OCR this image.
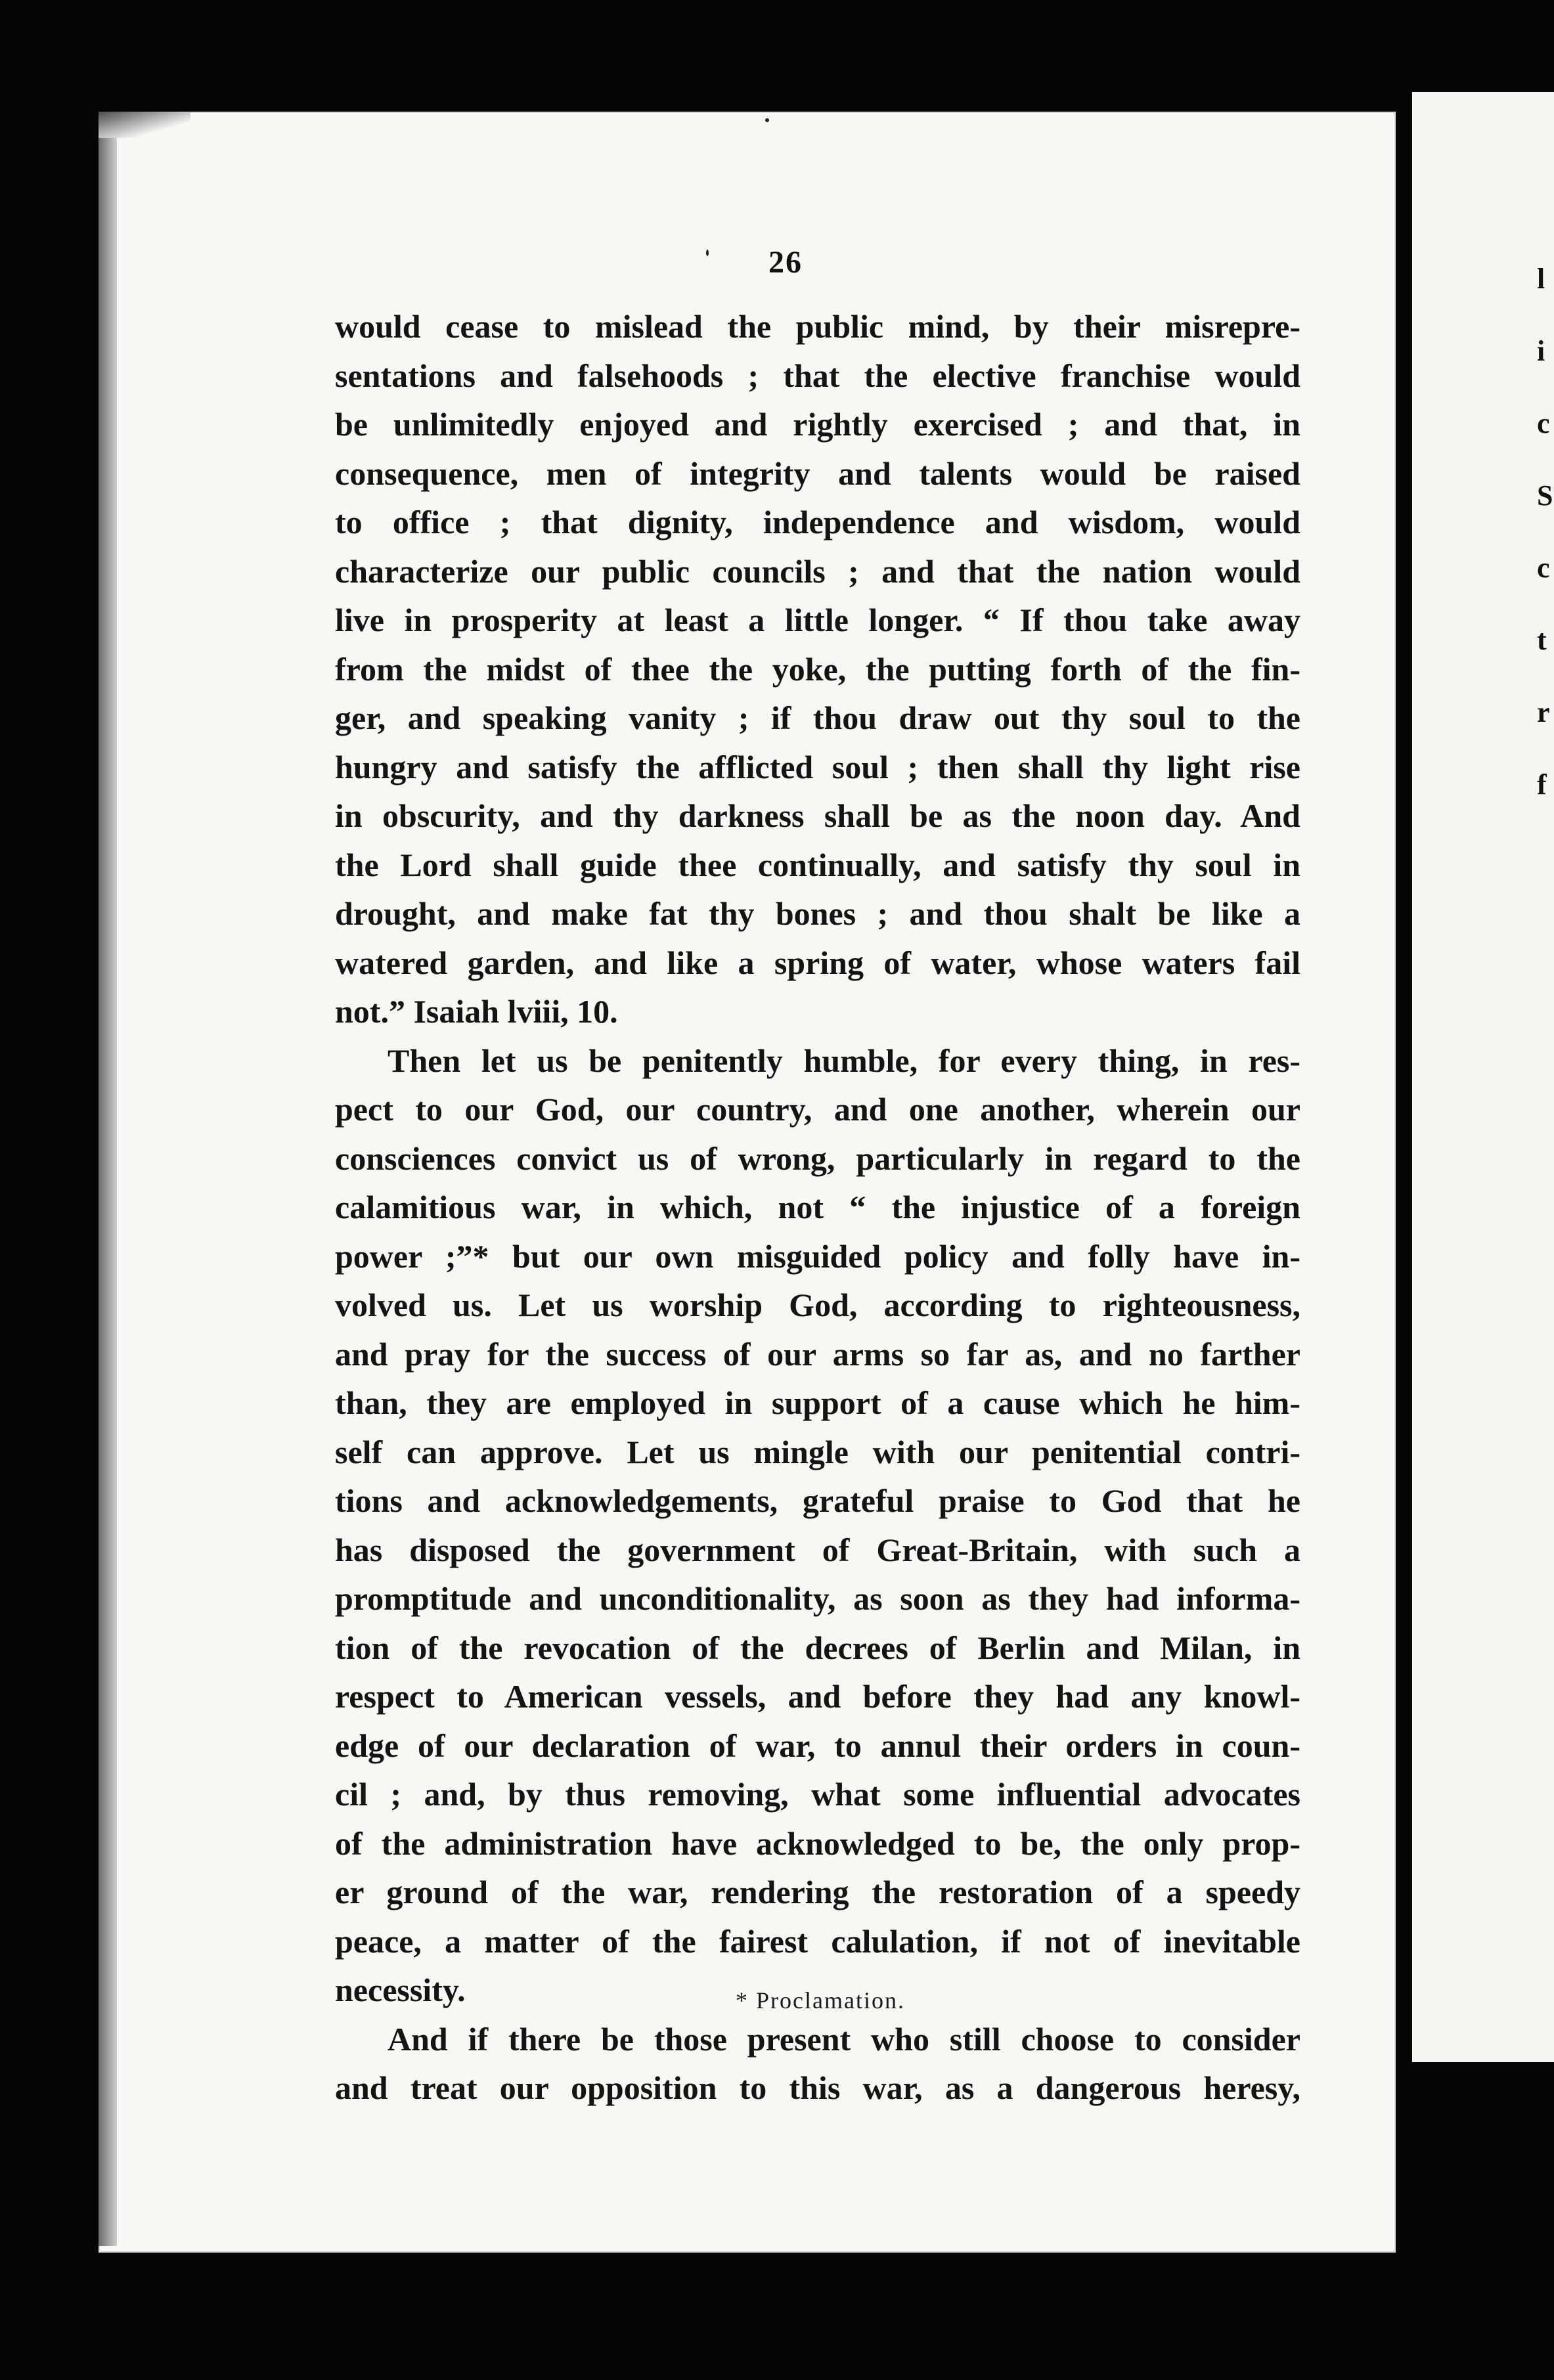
l
i
c
S
c
t
r
f
26
would cease to mislead the public mind, by their misrepre-
sentations and falsehoods ; that the elective franchise would
be unlimitedly enjoyed and rightly exercised ; and that, in
consequence, men of integrity and talents would be raised
to office ; that dignity, independence and wisdom, would
characterize our public councils ; and that the nation would
live in prosperity at least a little longer. “ If thou take away
from the midst of thee the yoke, the putting forth of the fin-
ger, and speaking vanity ; if thou draw out thy soul to the
hungry and satisfy the afflicted soul ; then shall thy light rise
in obscurity, and thy darkness shall be as the noon day. And
the Lord shall guide thee continually, and satisfy thy soul in
drought, and make fat thy bones ; and thou shalt be like a
watered garden, and like a spring of water, whose waters fail
not.” Isaiah lviii, 10.
Then let us be penitently humble, for every thing, in res-
pect to our God, our country, and one another, wherein our
consciences convict us of wrong, particularly in regard to the
calamitious war, in which, not “ the injustice of a foreign
power ;”* but our own misguided policy and folly have in-
volved us. Let us worship God, according to righteousness,
and pray for the success of our arms so far as, and no farther
than, they are employed in support of a cause which he him-
self can approve. Let us mingle with our penitential contri-
tions and acknowledgements, grateful praise to God that he
has disposed the government of Great-Britain, with such a
promptitude and unconditionality, as soon as they had informa-
tion of the revocation of the decrees of Berlin and Milan, in
respect to American vessels, and before they had any knowl-
edge of our declaration of war, to annul their orders in coun-
cil ; and, by thus removing, what some influential advocates
of the administration have acknowledged to be, the only prop-
er ground of the war, rendering the restoration of a speedy
peace, a matter of the fairest calulation, if not of inevitable
necessity.
And if there be those present who still choose to consider
and treat our opposition to this war, as a dangerous heresy,
* Proclamation.
